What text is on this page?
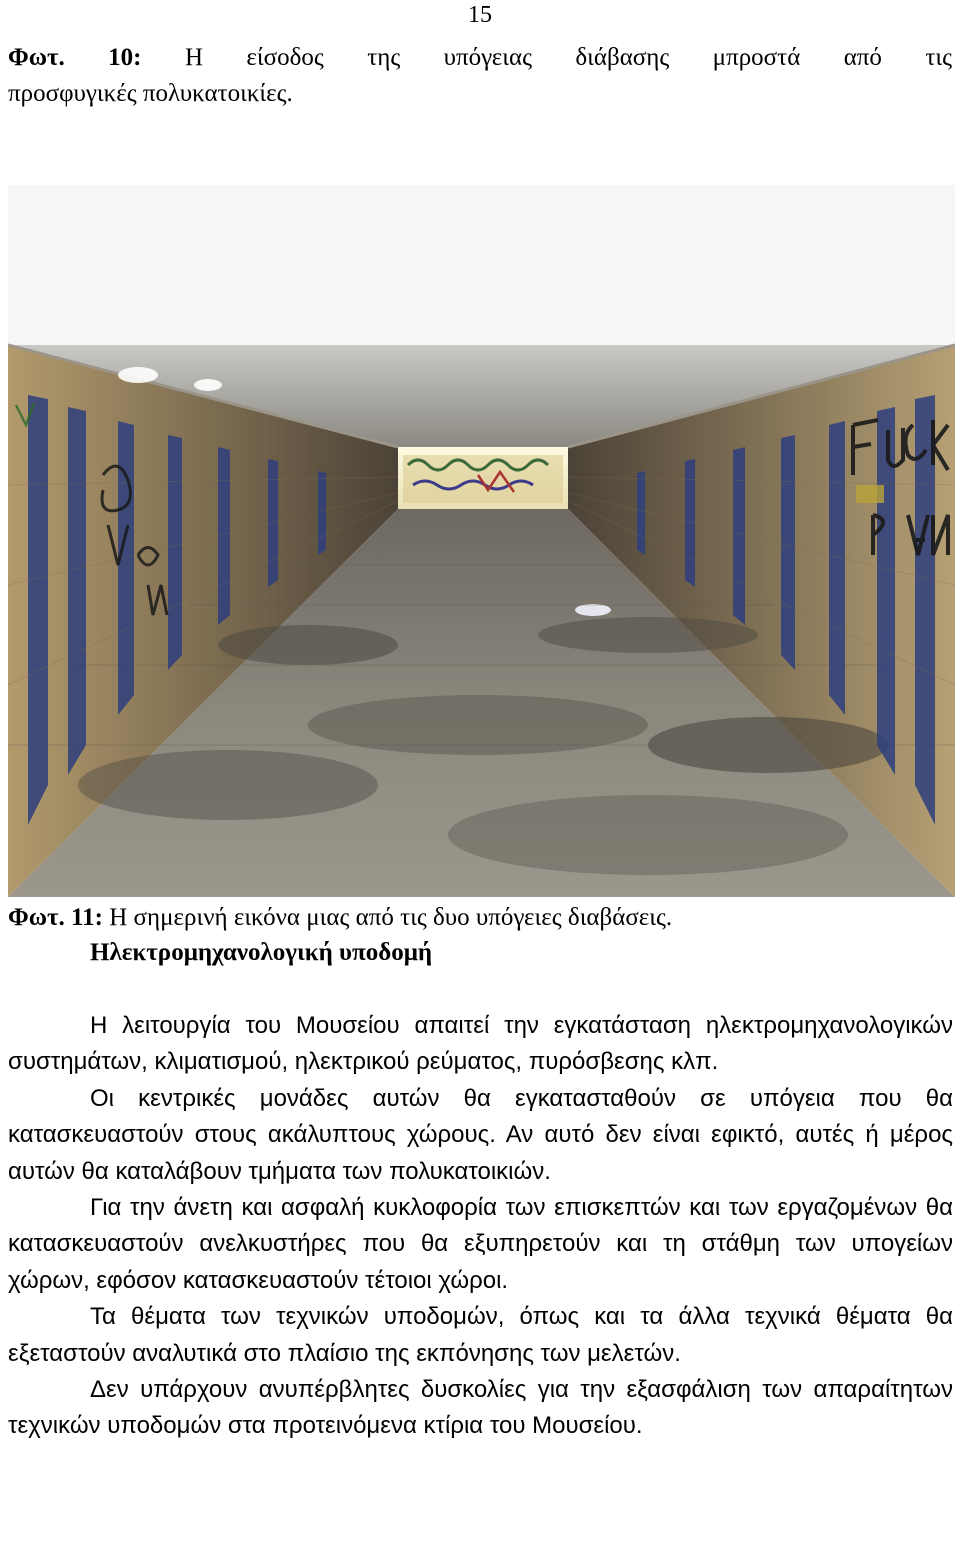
15
Φωτ. 10: Η είσοδος της υπόγειας διάβασης μπροστά από τις
προσφυγικές πολυκατοικίες.
Φωτ. 11: Η σημερινή εικόνα μιας από τις δυο υπόγειες διαβάσεις.
Ηλεκτρομηχανολογική υποδομή

Η λειτουργία του Μουσείου απαιτεί την εγκατάσταση ηλεκτρομηχανολογικών συστημάτων, κλιματισμού, ηλεκτρικού ρεύματος, πυρόσβεσης κλπ.

Οι κεντρικές μονάδες αυτών θα εγκατασταθούν σε υπόγεια που θα κατασκευαστούν στους ακάλυπτους χώρους. Αν αυτό δεν είναι εφικτό, αυτές ή μέρος αυτών θα καταλάβουν τμήματα των πολυκατοικιών.

Για την άνετη και ασφαλή κυκλοφορία των επισκεπτών και των εργαζομένων θα κατασκευαστούν ανελκυστήρες που θα εξυπηρετούν και τη στάθμη των υπογείων χώρων, εφόσον κατασκευαστούν τέτοιοι χώροι.

Τα θέματα των τεχνικών υποδομών, όπως και τα άλλα τεχνικά θέματα θα εξεταστούν αναλυτικά στο πλαίσιο της εκπόνησης των μελετών.

Δεν υπάρχουν ανυπέρβλητες δυσκολίες για την εξασφάλιση των απαραίτητων τεχνικών υποδομών στα προτεινόμενα κτίρια του Μουσείου.
